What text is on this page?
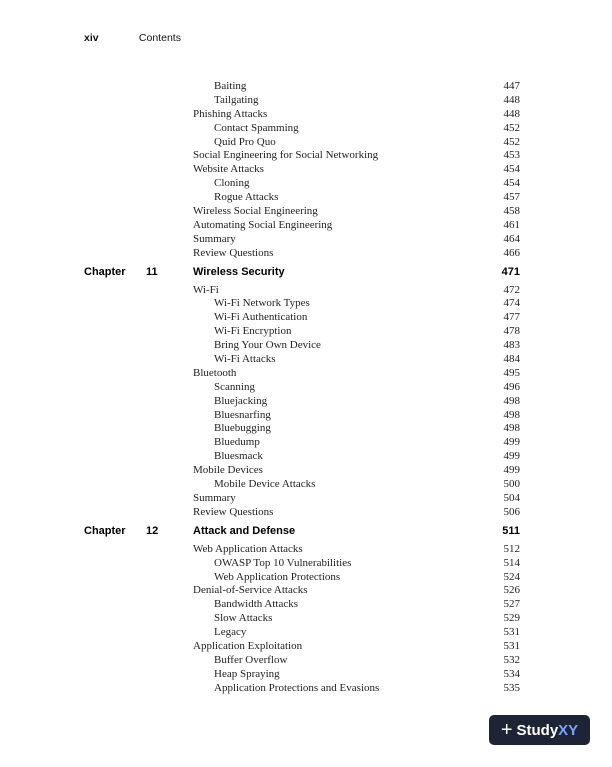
xiv	Contents
Baiting	447
Tailgating	448
Phishing Attacks	448
Contact Spamming	452
Quid Pro Quo	452
Social Engineering for Social Networking	453
Website Attacks	454
Cloning	454
Rogue Attacks	457
Wireless Social Engineering	458
Automating Social Engineering	461
Summary	464
Review Questions	466
Chapter 11	Wireless Security	471
Wi-Fi	472
Wi-Fi Network Types	474
Wi-Fi Authentication	477
Wi-Fi Encryption	478
Bring Your Own Device	483
Wi-Fi Attacks	484
Bluetooth	495
Scanning	496
Bluejacking	498
Bluesnarfing	498
Bluebugging	498
Bluedump	499
Bluesmack	499
Mobile Devices	499
Mobile Device Attacks	500
Summary	504
Review Questions	506
Chapter 12	Attack and Defense	511
Web Application Attacks	512
OWASP Top 10 Vulnerabilities	514
Web Application Protections	524
Denial-of-Service Attacks	526
Bandwidth Attacks	527
Slow Attacks	529
Legacy	531
Application Exploitation	531
Buffer Overflow	532
Heap Spraying	534
Application Protections and Evasions	535
+ Study XY
